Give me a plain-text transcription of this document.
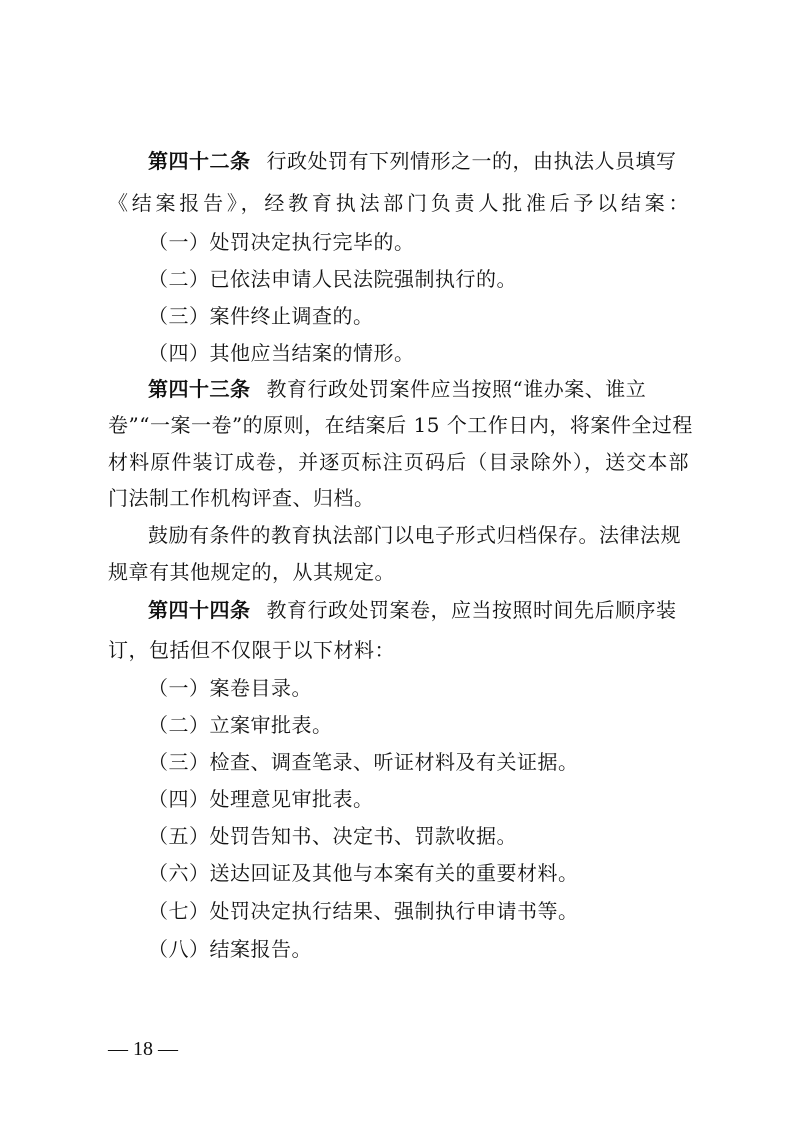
第四十二条 行政处罚有下列情形之一的，由执法人员填写
《结案报告》，经教育执法部门负责人批准后予以结案：
（一）处罚决定执行完毕的。
（二）已依法申请人民法院强制执行的。
（三）案件终止调查的。
（四）其他应当结案的情形。
第四十三条 教育行政处罚案件应当按照“谁办案、谁立
卷”“一案一卷”的原则，在结案后 15 个工作日内，将案件全过程
材料原件装订成卷，并逐页标注页码后（目录除外），送交本部
门法制工作机构评查、归档。
鼓励有条件的教育执法部门以电子形式归档保存。法律法规
规章有其他规定的，从其规定。
第四十四条 教育行政处罚案卷，应当按照时间先后顺序装
订，包括但不仅限于以下材料：
（一）案卷目录。
（二）立案审批表。
（三）检查、调查笔录、听证材料及有关证据。
（四）处理意见审批表。
（五）处罚告知书、决定书、罚款收据。
（六）送达回证及其他与本案有关的重要材料。
（七）处罚决定执行结果、强制执行申请书等。
（八）结案报告。
— 18 —
